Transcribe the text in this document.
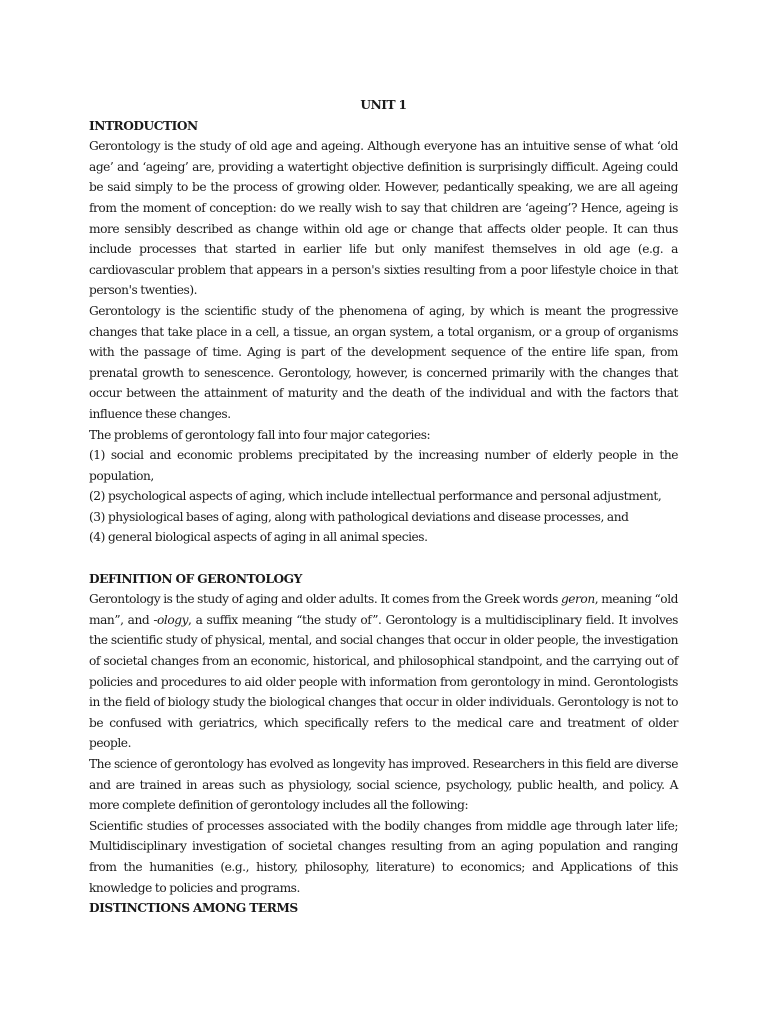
UNIT 1
INTRODUCTION

Gerontology is the study of old age and ageing. Although everyone has an intuitive sense of what ‘old age’ and ‘ageing’ are, providing a watertight objective definition is surprisingly difficult. Ageing could be said simply to be the process of growing older. However, pedantically speaking, we are all ageing from the moment of conception: do we really wish to say that children are ‘ageing’? Hence, ageing is more sensibly described as change within old age or change that affects older people. It can thus include processes that started in earlier life but only manifest themselves in old age (e.g. a cardiovascular problem that appears in a person's sixties resulting from a poor lifestyle choice in that person's twenties).

Gerontology is the scientific study of the phenomena of aging, by which is meant the progressive changes that take place in a cell, a tissue, an organ system, a total organism, or a group of organisms with the passage of time. Aging is part of the development sequence of the entire life span, from prenatal growth to senescence. Gerontology, however, is concerned primarily with the changes that occur between the attainment of maturity and the death of the individual and with the factors that influence these changes.

The problems of gerontology fall into four major categories:

(1) social and economic problems precipitated by the increasing number of elderly people in the population,
(2) psychological aspects of aging, which include intellectual performance and personal adjustment,
(3) physiological bases of aging, along with pathological deviations and disease processes, and
(4) general biological aspects of aging in all animal species.
DEFINITION OF GERONTOLOGY

Gerontology is the study of aging and older adults. It comes from the Greek words geron, meaning “old man”, and -ology, a suffix meaning “the study of”. Gerontology is a multidisciplinary field. It involves the scientific study of physical, mental, and social changes that occur in older people, the investigation of societal changes from an economic, historical, and philosophical standpoint, and the carrying out of policies and procedures to aid older people with information from gerontology in mind. Gerontologists in the field of biology study the biological changes that occur in older individuals. Gerontology is not to be confused with geriatrics, which specifically refers to the medical care and treatment of older people.

The science of gerontology has evolved as longevity has improved. Researchers in this field are diverse and are trained in areas such as physiology, social science, psychology, public health, and policy. A more complete definition of gerontology includes all the following:

Scientific studies of processes associated with the bodily changes from middle age through later life; Multidisciplinary investigation of societal changes resulting from an aging population and ranging from the humanities (e.g., history, philosophy, literature) to economics; and Applications of this knowledge to policies and programs.

DISTINCTIONS AMONG TERMS
